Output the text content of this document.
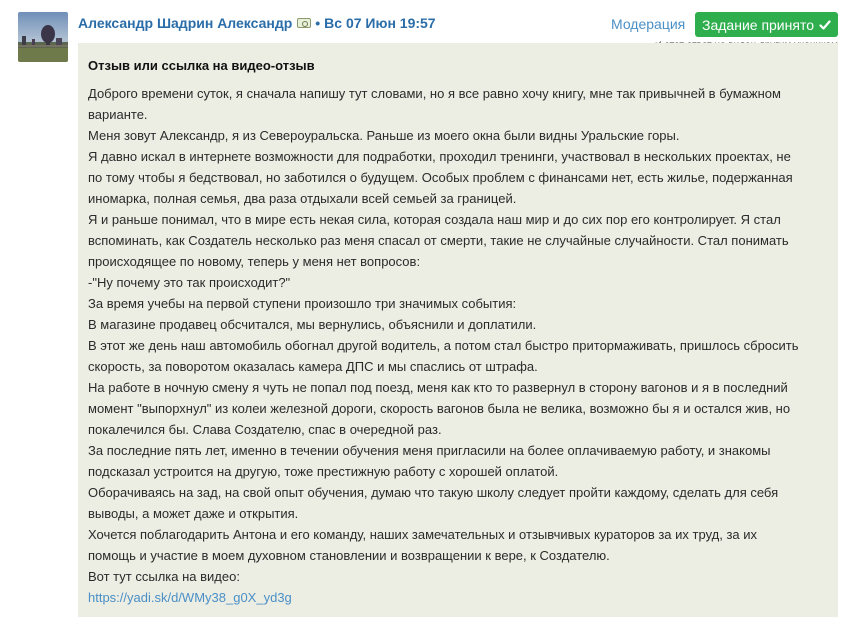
Александр Шадрин Александр • Вс 07 Июн 19:57	Модерация Задание принято
Отзыв или ссылка на видео-отзыв

Доброго времени суток, я сначала напишу тут словами, но я все равно хочу книгу, мне так привычней в бумажном варианте.

Меня зовут Александр, я из Североуральска. Раньше из моего окна были видны Уральские горы.

Я давно искал в интернете возможности для подработки, проходил тренинги, участвовал в нескольких проектах, не по тому чтобы я бедствовал, но заботился о будущем. Особых проблем с финансами нет, есть жилье, подержанная иномарка, полная семья, два раза отдыхали всей семьей за границей.

Я и раньше понимал, что в мире есть некая сила, которая создала наш мир и до сих пор его контролирует. Я стал вспоминать, как Создатель несколько раз меня спасал от смерти, такие не случайные случайности. Стал понимать происходящее по новому, теперь у меня нет вопросов:

-"Ну почему это так происходит?"

За время учебы на первой ступени произошло три значимых события:

В магазине продавец обсчитался, мы вернулись, объяснили и доплатили.

В этот же день наш автомобиль обогнал другой водитель, а потом стал быстро притормаживать, пришлось сбросить скорость, за поворотом оказалась камера ДПС и мы спаслись от штрафа.

На работе в ночную смену я чуть не попал под поезд, меня как кто то развернул в сторону вагонов и я в последний момент "выпорхнул" из колеи железной дороги, скорость вагонов была не велика, возможно бы я и остался жив, но покалечился бы. Слава Создателю, спас в очередной раз.

За последние пять лет, именно в течении обучения меня пригласили на более оплачиваемую работу, и знакомы подсказал устроится на другую, тоже престижную работу с хорошей оплатой.

Оборачиваясь на зад, на свой опыт обучения, думаю что такую школу следует пройти каждому, сделать для себя выводы, а может даже и открытия.

Хочется поблагодарить Антона и его команду, наших замечательных и отзывчивых кураторов за их труд, за их помощь и участие в моем духовном становлении и возвращении к вере, к Создателю.

Вот тут ссылка на видео:

https://yadi.sk/d/WMy38_g0X_yd3g
